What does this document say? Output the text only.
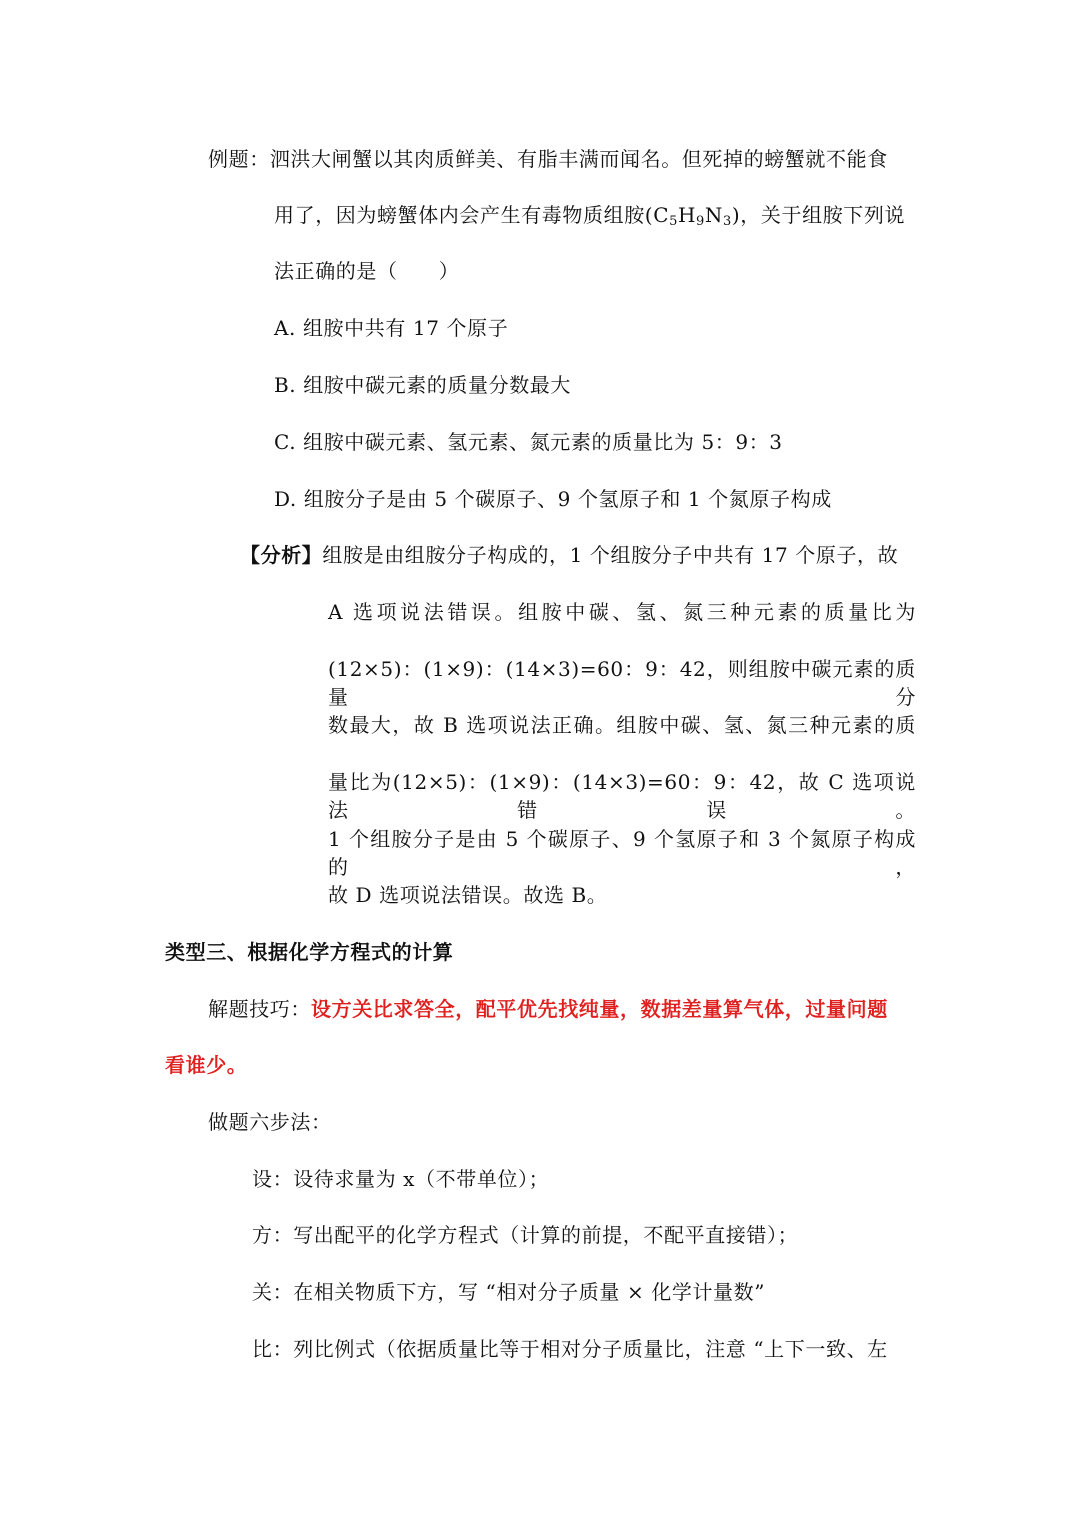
例题：泗洪大闸蟹以其肉质鲜美、有脂丰满而闻名。但死掉的螃蟹就不能食
用了，因为螃蟹体内会产生有毒物质组胺$(C_5H_9N_3)$，关于组胺下列说
法正确的是（　　）
A. 组胺中共有 17 个原子
B. 组胺中碳元素的质量分数最大
C. 组胺中碳元素、氢元素、氮元素的质量比为 5：9：3
D. 组胺分子是由 5 个碳原子、9 个氢原子和 1 个氮原子构成
【分析】组胺是由组胺分子构成的，1 个组胺分子中共有 17 个原子，故
A 选项说法错误。组胺中碳、氢、氮三种元素的质量比为
(12×5)：(1×9)：(14×3)=60：9：42，则组胺中碳元素的质量分
数最大，故 B 选项说法正确。组胺中碳、氢、氮三种元素的质
量比为(12×5)：(1×9)：(14×3)=60：9：42，故 C 选项说法错误。
1 个组胺分子是由 5 个碳原子、9 个氢原子和 3 个氮原子构成的，
故 D 选项说法错误。故选 B。
类型三、根据化学方程式的计算
解题技巧：设方关比求答全，配平优先找纯量，数据差量算气体，过量问题
看谁少。
做题六步法：
设：设待求量为 x（不带单位）；
方：写出配平的化学方程式（计算的前提，不配平直接错）；
关：在相关物质下方，写 “相对分子质量 × 化学计量数”
比：列比例式（依据质量比等于相对分子质量比，注意 “上下一致、左
